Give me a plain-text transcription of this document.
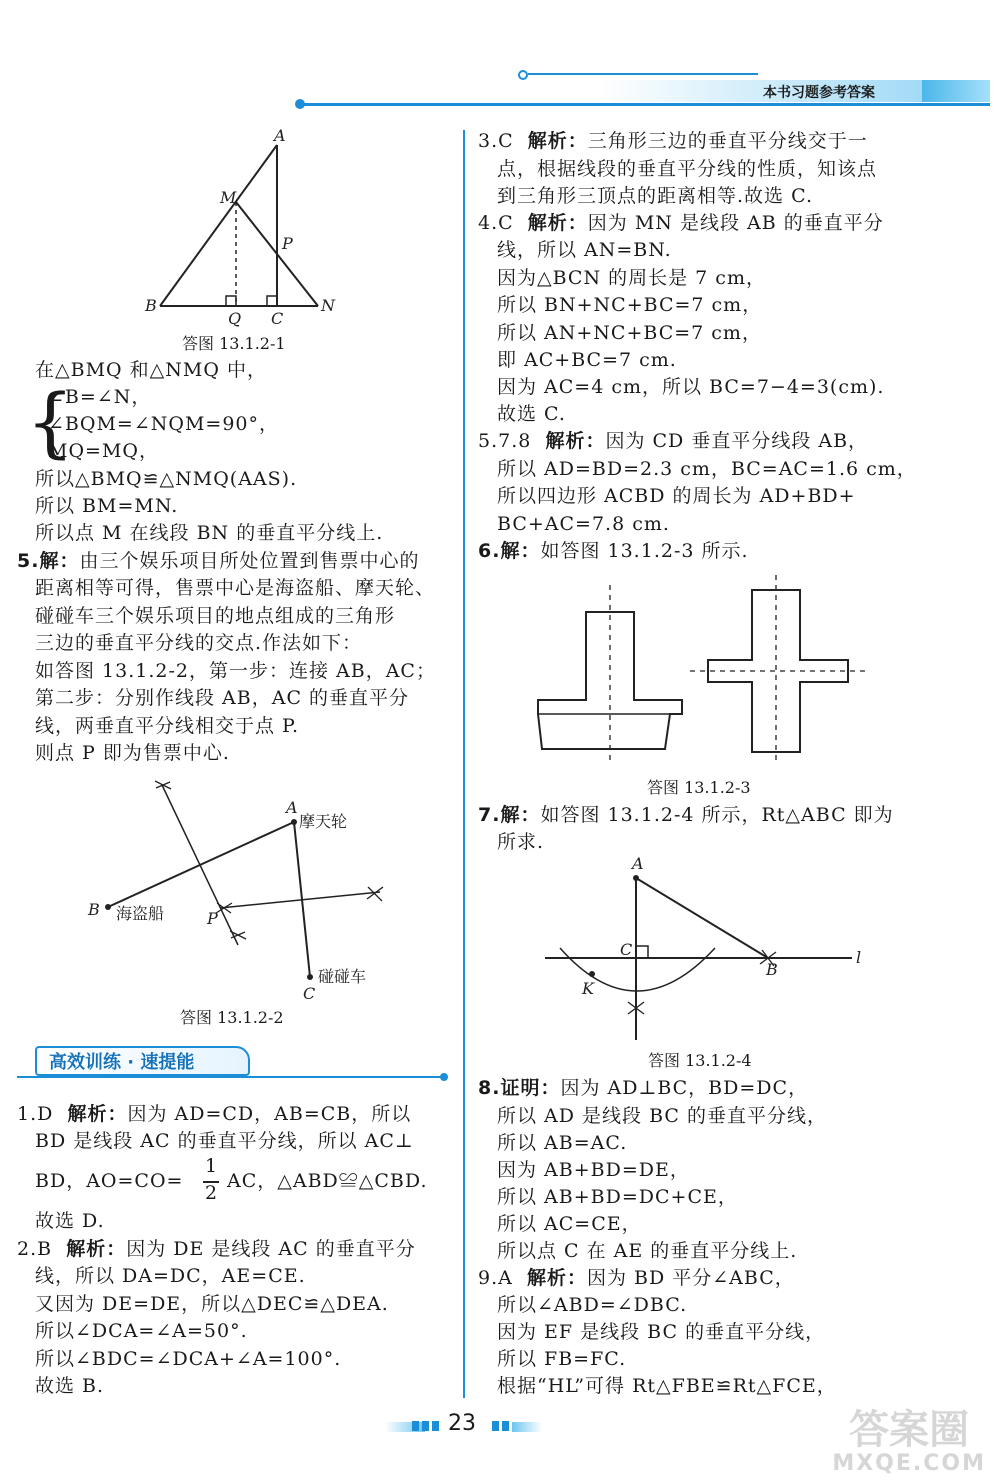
本书习题参考答案
A
M
P
B
Q C
N
答图 13.1.2-1
在△BMQ 和△NMQ 中，
{
∠B=∠N，
∠BQM=∠NQM=90°，
MQ=MQ，
所以△BMQ≌△NMQ(AAS).
所以 BM=MN.
所以点 M 在线段 BN 的垂直平分线上.
5.解：由三个娱乐项目所处位置到售票中心的
距离相等可得，售票中心是海盗船、摩天轮、
碰碰车三个娱乐项目的地点组成的三角形
三边的垂直平分线的交点.作法如下：
如答图 13.1.2-2，第一步：连接 AB，AC；
第二步：分别作线段 AB，AC 的垂直平分
线，两垂直平分线相交于点 P.
则点 P 即为售票中心.
A
摩天轮
B 海盗船	P
C
碰碰车
答图 13.1.2-2
高效训练 · 速提能
1.D 解析：因为 AD=CD，AB=CB，所以
BD 是线段 AC 的垂直平分线，所以 AC⊥
BD，AO=CO=
1
2
AC，△ABD≌△CBD.
故选 D.
2.B 解析：因为 DE 是线段 AC 的垂直平分
线，所以 DA=DC，AE=CE.
又因为 DE=DE，所以△DEC≌△DEA.
所以∠DCA=∠A=50°.
所以∠BDC=∠DCA+∠A=100°.
故选 B.
3.C 解析：三角形三边的垂直平分线交于一
点，根据线段的垂直平分线的性质，知该点
到三角形三顶点的距离相等.故选 C.
4.C 解析：因为 MN 是线段 AB 的垂直平分
线，所以 AN=BN.
因为△BCN 的周长是 7 cm，
所以 BN+NC+BC=7 cm，
所以 AN+NC+BC=7 cm，
即 AC+BC=7 cm.
因为 AC=4 cm，所以 BC=7−4=3(cm).
故选 C.
5.7.8 解析：因为 CD 垂直平分线段 AB，
所以 AD=BD=2.3 cm，BC=AC=1.6 cm，
所以四边形 ACBD 的周长为 AD+BD+
BC+AC=7.8 cm.
6.解：如答图 13.1.2-3 所示.
答图 13.1.2-3
7.解：如答图 13.1.2-4 所示，Rt△ABC 即为
所求.
A
C
B
K
l
答图 13.1.2-4
8.证明：因为 AD⊥BC，BD=DC，
所以 AD 是线段 BC 的垂直平分线，
所以 AB=AC.
因为 AB+BD=DE，
所以 AB+BD=DC+CE，
所以 AC=CE，
所以点 C 在 AE 的垂直平分线上.
9.A 解析：因为 BD 平分∠ABC，
所以∠ABD=∠DBC.
因为 EF 是线段 BC 的垂直平分线，
所以 FB=FC.
根据“HL”可得 Rt△FBE≌Rt△FCE，
23	答案圈
MXQE.COM
